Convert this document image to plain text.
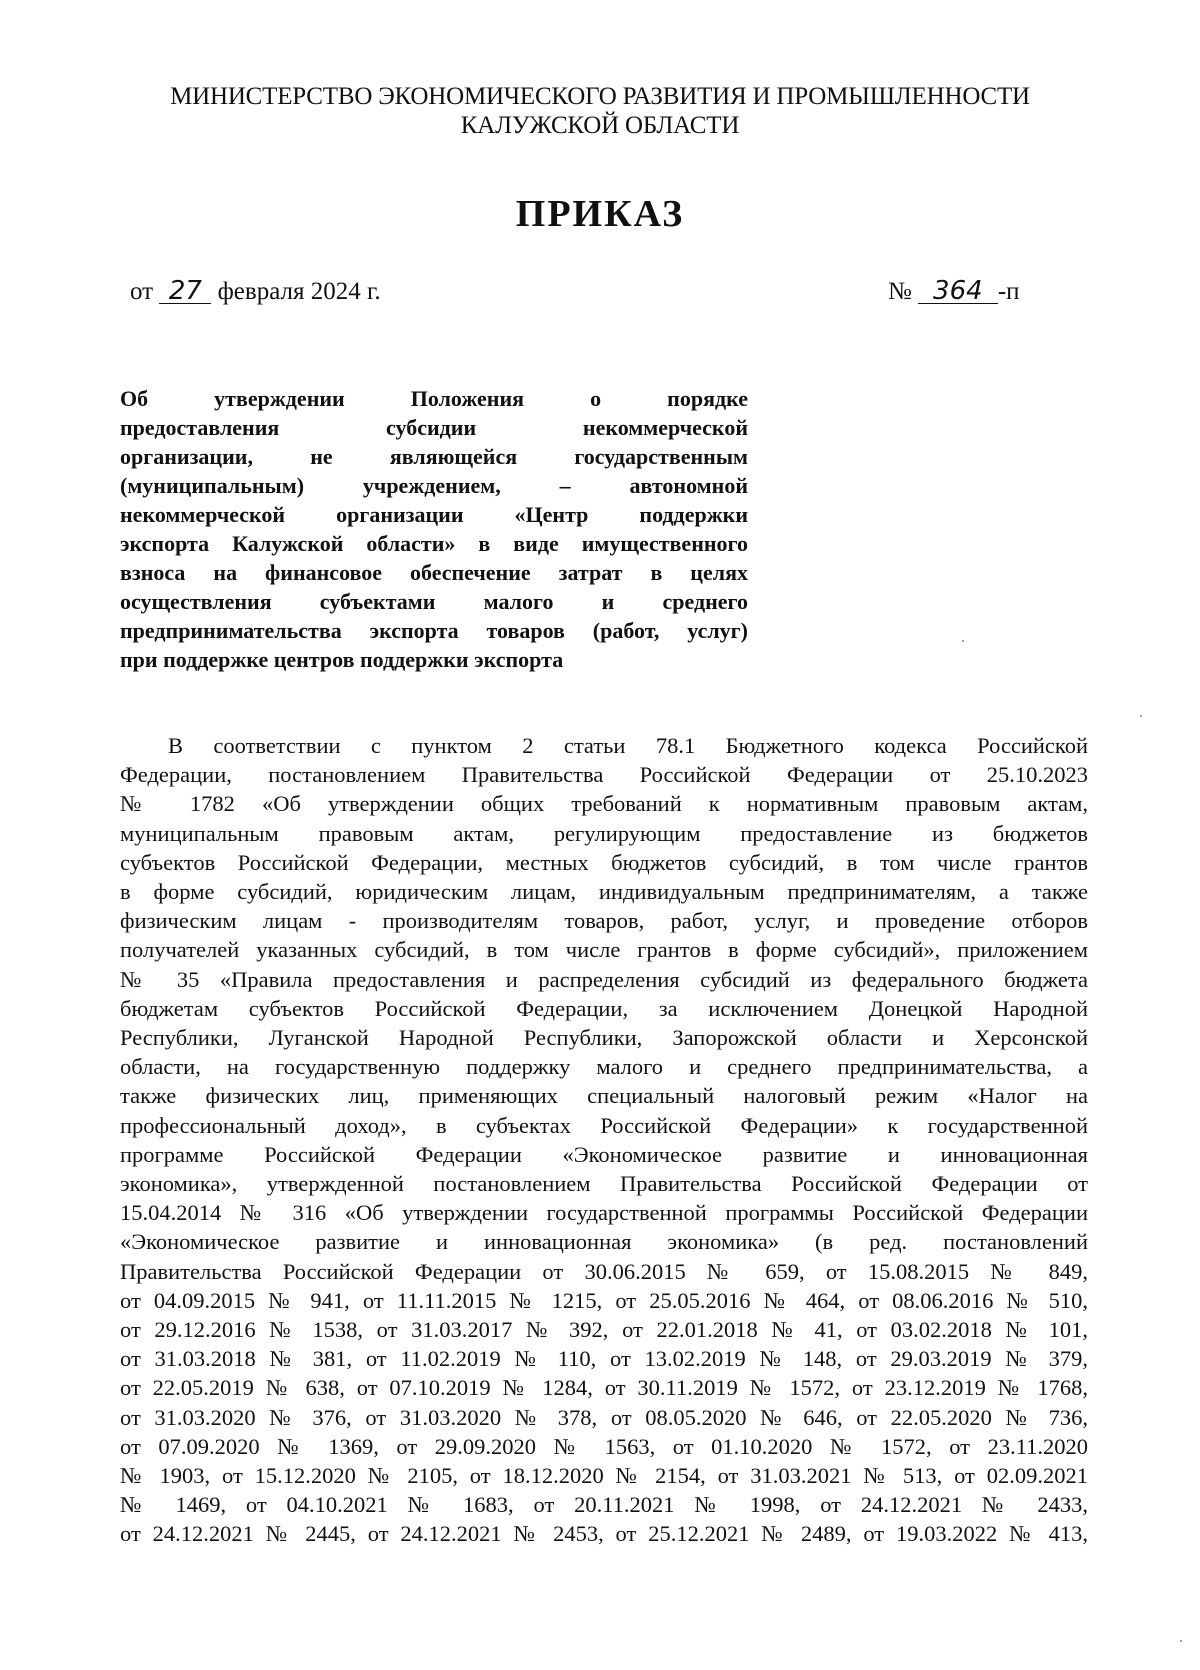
МИНИСТЕРСТВО ЭКОНОМИЧЕСКОГО РАЗВИТИЯ И ПРОМЫШЛЕННОСТИ
КАЛУЖСКОЙ ОБЛАСТИ
ПРИКАЗ
от 27 февраля 2024 г.	№ 364 -п
Об утверждении Положения о порядке
предоставления субсидии некоммерческой
организации, не являющейся государственным
(муниципальным) учреждением, – автономной
некоммерческой организации «Центр поддержки
экспорта Калужской области» в виде имущественного
взноса на финансовое обеспечение затрат в целях
осуществления субъектами малого и среднего
предпринимательства экспорта товаров (работ, услуг)
при поддержке центров поддержки экспорта
В соответствии с пунктом 2 статьи 78.1 Бюджетного кодекса Российской
Федерации, постановлением Правительства Российской Федерации от 25.10.2023
№ 1782 «Об утверждении общих требований к нормативным правовым актам,
муниципальным правовым актам, регулирующим предоставление из бюджетов
субъектов Российской Федерации, местных бюджетов субсидий, в том числе грантов
в форме субсидий, юридическим лицам, индивидуальным предпринимателям, а также
физическим лицам - производителям товаров, работ, услуг, и проведение отборов
получателей указанных субсидий, в том числе грантов в форме субсидий», приложением
№ 35 «Правила предоставления и распределения субсидий из федерального бюджета
бюджетам субъектов Российской Федерации, за исключением Донецкой Народной
Республики, Луганской Народной Республики, Запорожской области и Херсонской
области, на государственную поддержку малого и среднего предпринимательства, а
также физических лиц, применяющих специальный налоговый режим «Налог на
профессиональный доход», в субъектах Российской Федерации» к государственной
программе Российской Федерации «Экономическое развитие и инновационная
экономика», утвержденной постановлением Правительства Российской Федерации от
15.04.2014 № 316 «Об утверждении государственной программы Российской Федерации
«Экономическое развитие и инновационная экономика» (в ред. постановлений
Правительства Российской Федерации от 30.06.2015 № 659, от 15.08.2015 № 849,
от 04.09.2015 № 941, от 11.11.2015 № 1215, от 25.05.2016 № 464, от 08.06.2016 № 510,
от 29.12.2016 № 1538, от 31.03.2017 № 392, от 22.01.2018 № 41, от 03.02.2018 № 101,
от 31.03.2018 № 381, от 11.02.2019 № 110, от 13.02.2019 № 148, от 29.03.2019 № 379,
от 22.05.2019 № 638, от 07.10.2019 № 1284, от 30.11.2019 № 1572, от 23.12.2019 № 1768,
от 31.03.2020 № 376, от 31.03.2020 № 378, от 08.05.2020 № 646, от 22.05.2020 № 736,
от 07.09.2020 № 1369, от 29.09.2020 № 1563, от 01.10.2020 № 1572, от 23.11.2020
№ 1903, от 15.12.2020 № 2105, от 18.12.2020 № 2154, от 31.03.2021 № 513, от 02.09.2021
№ 1469, от 04.10.2021 № 1683, от 20.11.2021 № 1998, от 24.12.2021 № 2433,
от 24.12.2021 № 2445, от 24.12.2021 № 2453, от 25.12.2021 № 2489, от 19.03.2022 № 413,
